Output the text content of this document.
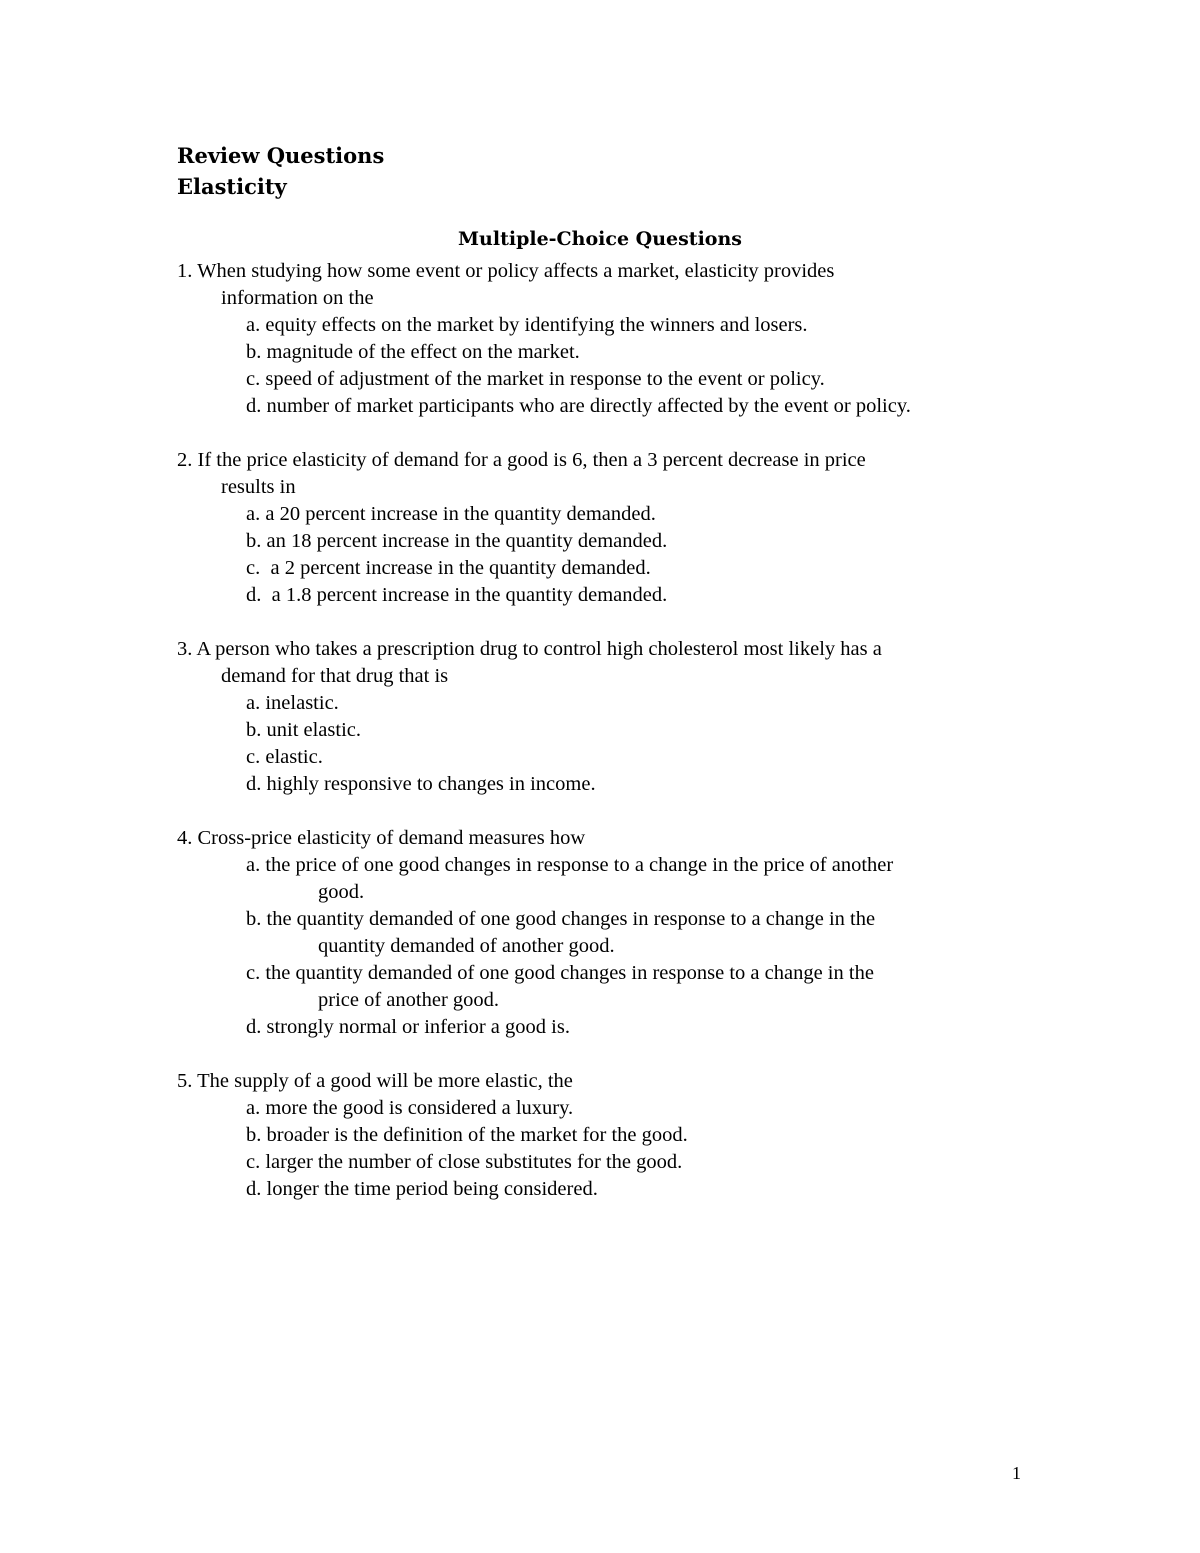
Review Questions
Elasticity
Multiple-Choice Questions
1. When studying how some event or policy affects a market, elasticity provides
information on the
a. equity effects on the market by identifying the winners and losers.
b. magnitude of the effect on the market.
c. speed of adjustment of the market in response to the event or policy.
d. number of market participants who are directly affected by the event or policy.
2. If the price elasticity of demand for a good is 6, then a 3 percent decrease in price
results in
a. a 20 percent increase in the quantity demanded.
b. an 18 percent increase in the quantity demanded.
c.  a 2 percent increase in the quantity demanded.
d.  a 1.8 percent increase in the quantity demanded.
3. A person who takes a prescription drug to control high cholesterol most likely has a
demand for that drug that is
a. inelastic.
b. unit elastic.
c. elastic.
d. highly responsive to changes in income.
4. Cross-price elasticity of demand measures how
a. the price of one good changes in response to a change in the price of another
good.
b. the quantity demanded of one good changes in response to a change in the
quantity demanded of another good.
c. the quantity demanded of one good changes in response to a change in the
price of another good.
d. strongly normal or inferior a good is.
5. The supply of a good will be more elastic, the
a. more the good is considered a luxury.
b. broader is the definition of the market for the good.
c. larger the number of close substitutes for the good.
d. longer the time period being considered.
1
